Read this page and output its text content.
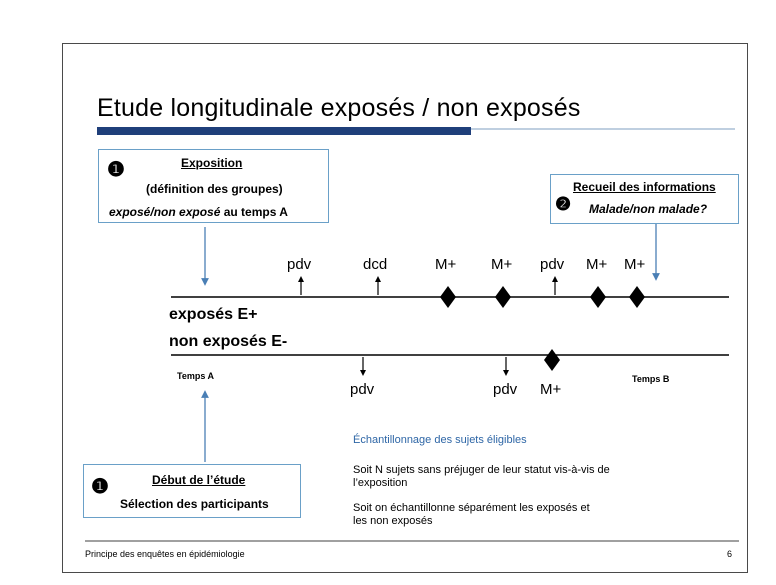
Etude longitudinale exposés / non exposés
❶	Exposition
(définition des groupes)
exposé/non exposé au temps A
Recueil des informations
❷ Malade/non malade?
pdv	dcd	M+ M+ pdv M+ M+
exposés E+
non exposés E-
Temps A	Temps B
pdv	pdv M+
Échantillonnage des sujets éligibles
Soit N sujets sans préjuger de leur statut vis-à-vis de l’exposition
Soit on échantillonne séparément les exposés et les non exposés
❶	Début de l’étude
Sélection des participants
Principe des enquêtes en épidémiologie	6
